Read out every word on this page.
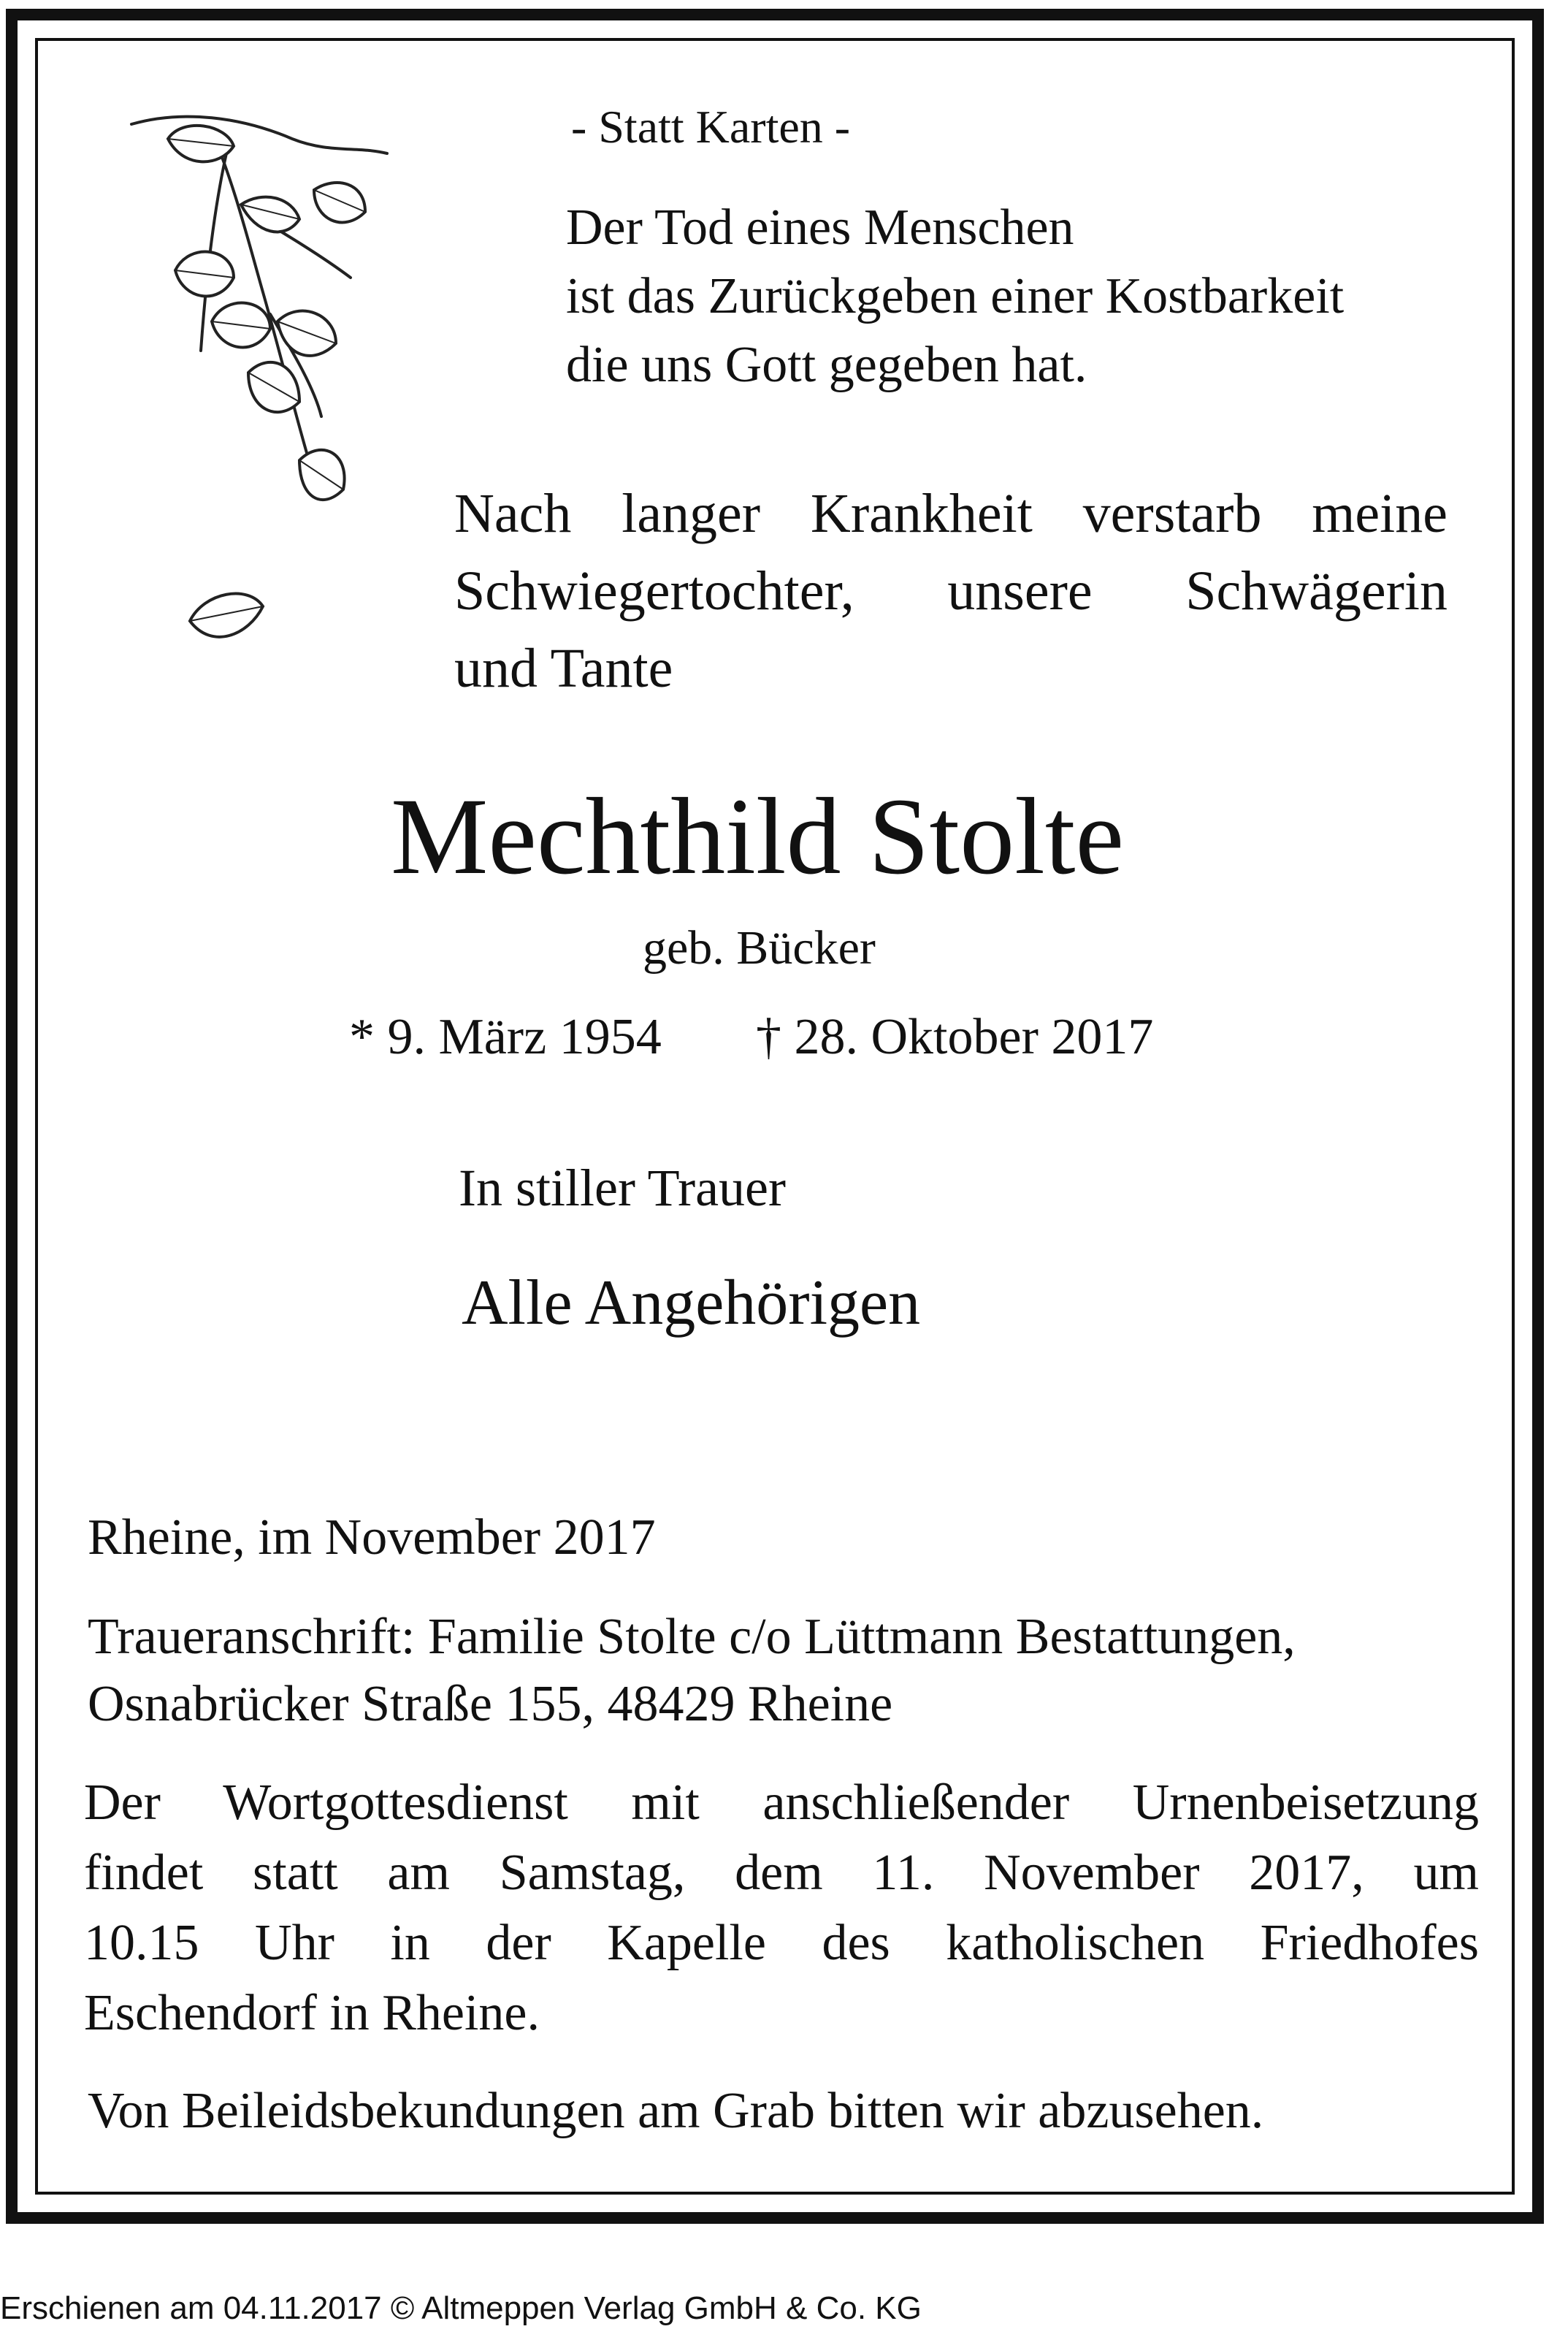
- Statt Karten -
Der Tod eines Menschen
ist das Zurückgeben einer Kostbarkeit
die uns Gott gegeben hat.
Nach langer Krankheit verstarb meine
Schwiegertochter, unsere Schwägerin
und Tante
Mechthild Stolte
geb. Bücker
* 9. März 1954 † 28. Oktober 2017
In stiller Trauer
Alle Angehörigen
Rheine, im November 2017
Traueranschrift: Familie Stolte c/o Lüttmann Bestattungen,
Osnabrücker Straße 155, 48429 Rheine
Der Wortgottesdienst mit anschließender Urnenbeisetzung
findet statt am Samstag, dem 11. November 2017, um
10.15 Uhr in der Kapelle des katholischen Friedhofes
Eschendorf in Rheine.
Von Beileidsbekundungen am Grab bitten wir abzusehen.
Erschienen am 04.11.2017 © Altmeppen Verlag GmbH & Co. KG
